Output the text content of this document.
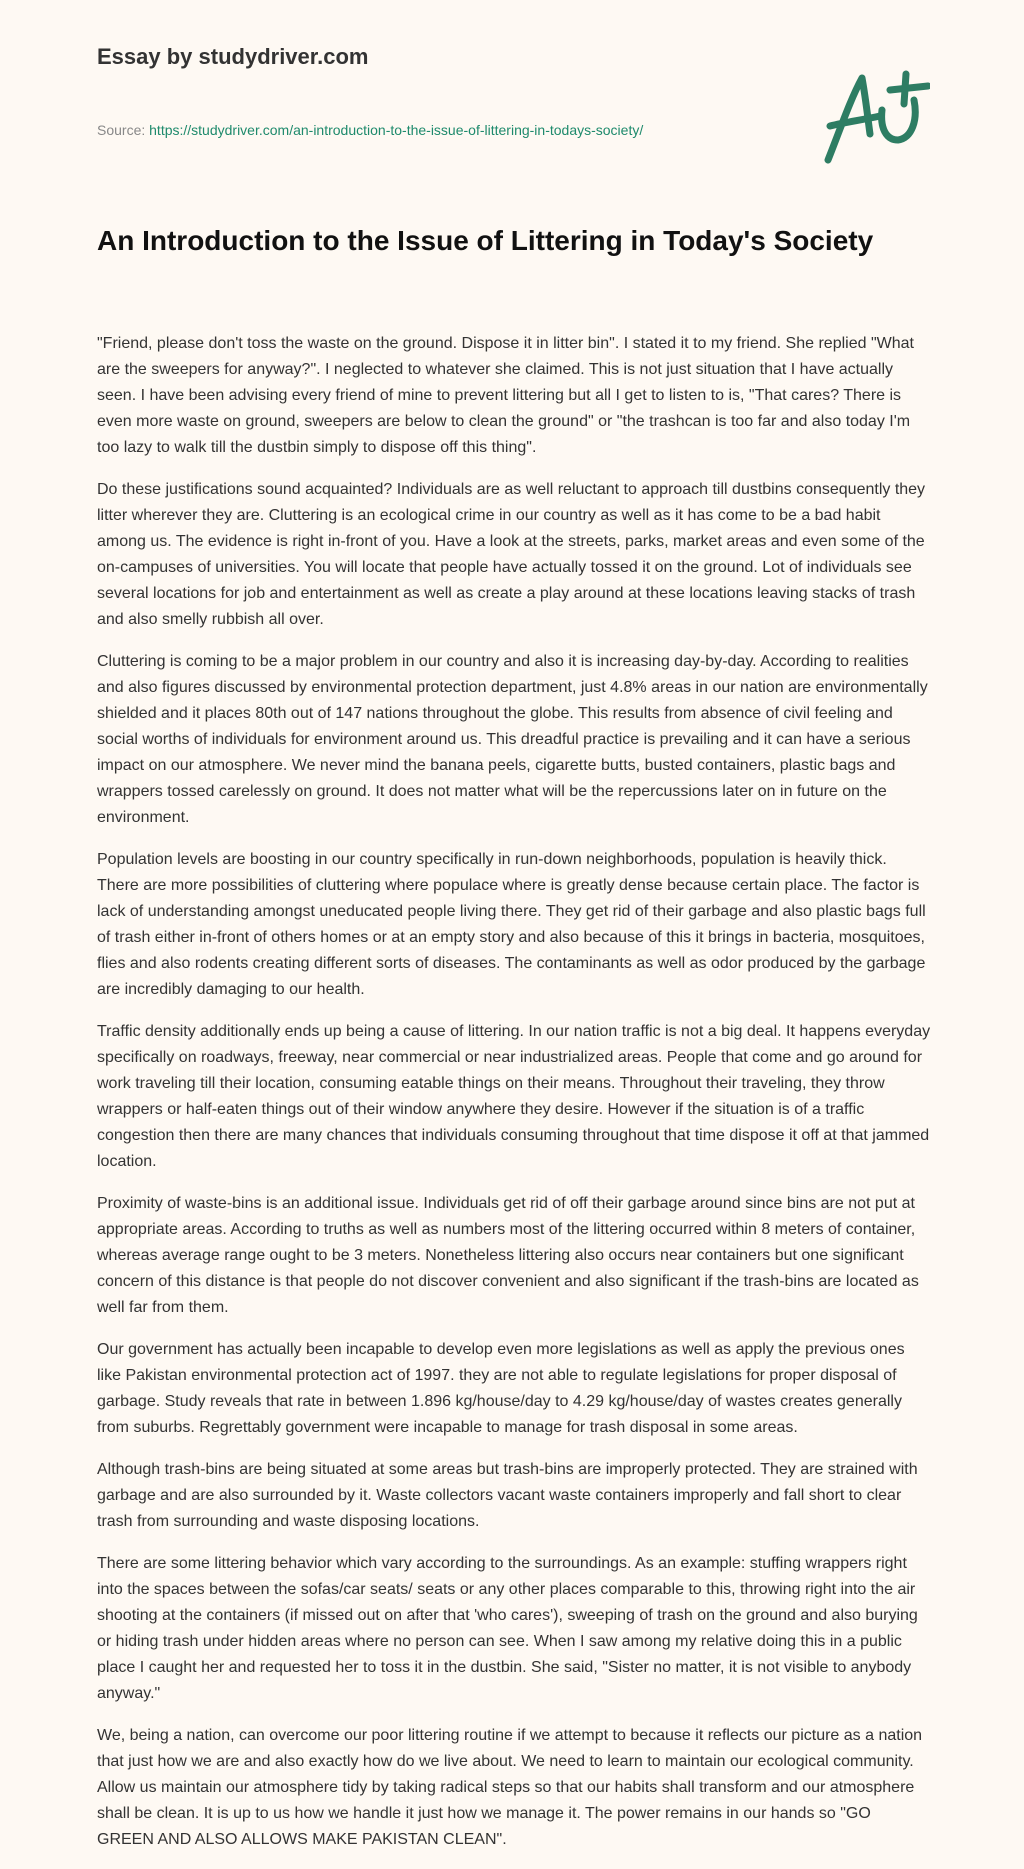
Essay by studydriver.com
Source: https://studydriver.com/an-introduction-to-the-issue-of-littering-in-todays-society/
An Introduction to the Issue of Littering in Today's Society

"Friend, please don't toss the waste on the ground. Dispose it in litter bin". I stated it to my friend. She replied "What are the sweepers for anyway?". I neglected to whatever she claimed. This is not just situation that I have actually seen. I have been advising every friend of mine to prevent littering but all I get to listen to is, "That cares? There is even more waste on ground, sweepers are below to clean the ground" or "the trashcan is too far and also today I'm too lazy to walk till the dustbin simply to dispose off this thing".

Do these justifications sound acquainted? Individuals are as well reluctant to approach till dustbins consequently they litter wherever they are. Cluttering is an ecological crime in our country as well as it has come to be a bad habit among us. The evidence is right in-front of you. Have a look at the streets, parks, market areas and even some of the on-campuses of universities. You will locate that people have actually tossed it on the ground. Lot of individuals see several locations for job and entertainment as well as create a play around at these locations leaving stacks of trash and also smelly rubbish all over.

Cluttering is coming to be a major problem in our country and also it is increasing day-by-day. According to realities and also figures discussed by environmental protection department, just 4.8% areas in our nation are environmentally shielded and it places 80th out of 147 nations throughout the globe. This results from absence of civil feeling and social worths of individuals for environment around us. This dreadful practice is prevailing and it can have a serious impact on our atmosphere. We never mind the banana peels, cigarette butts, busted containers, plastic bags and wrappers tossed carelessly on ground. It does not matter what will be the repercussions later on in future on the environment.

Population levels are boosting in our country specifically in run-down neighborhoods, population is heavily thick. There are more possibilities of cluttering where populace where is greatly dense because certain place. The factor is lack of understanding amongst uneducated people living there. They get rid of their garbage and also plastic bags full of trash either in-front of others homes or at an empty story and also because of this it brings in bacteria, mosquitoes, flies and also rodents creating different sorts of diseases. The contaminants as well as odor produced by the garbage are incredibly damaging to our health.

Traffic density additionally ends up being a cause of littering. In our nation traffic is not a big deal. It happens everyday specifically on roadways, freeway, near commercial or near industrialized areas. People that come and go around for work traveling till their location, consuming eatable things on their means. Throughout their traveling, they throw wrappers or half-eaten things out of their window anywhere they desire. However if the situation is of a traffic congestion then there are many chances that individuals consuming throughout that time dispose it off at that jammed location.

Proximity of waste-bins is an additional issue. Individuals get rid of off their garbage around since bins are not put at appropriate areas. According to truths as well as numbers most of the littering occurred within 8 meters of container, whereas average range ought to be 3 meters. Nonetheless littering also occurs near containers but one significant concern of this distance is that people do not discover convenient and also significant if the trash-bins are located as well far from them.

Our government has actually been incapable to develop even more legislations as well as apply the previous ones like Pakistan environmental protection act of 1997. they are not able to regulate legislations for proper disposal of garbage. Study reveals that rate in between 1.896 kg/house/day to 4.29 kg/house/day of wastes creates generally from suburbs. Regrettably government were incapable to manage for trash disposal in some areas.

Although trash-bins are being situated at some areas but trash-bins are improperly protected. They are strained with garbage and are also surrounded by it. Waste collectors vacant waste containers improperly and fall short to clear trash from surrounding and waste disposing locations.

There are some littering behavior which vary according to the surroundings. As an example: stuffing wrappers right into the spaces between the sofas/car seats/ seats or any other places comparable to this, throwing right into the air shooting at the containers (if missed out on after that 'who cares'), sweeping of trash on the ground and also burying or hiding trash under hidden areas where no person can see. When I saw among my relative doing this in a public place I caught her and requested her to toss it in the dustbin. She said, "Sister no matter, it is not visible to anybody anyway."

We, being a nation, can overcome our poor littering routine if we attempt to because it reflects our picture as a nation that just how we are and also exactly how do we live about. We need to learn to maintain our ecological community. Allow us maintain our atmosphere tidy by taking radical steps so that our habits shall transform and our atmosphere shall be clean. It is up to us how we handle it just how we manage it. The power remains in our hands so "GO GREEN AND ALSO ALLOWS MAKE PAKISTAN CLEAN".
